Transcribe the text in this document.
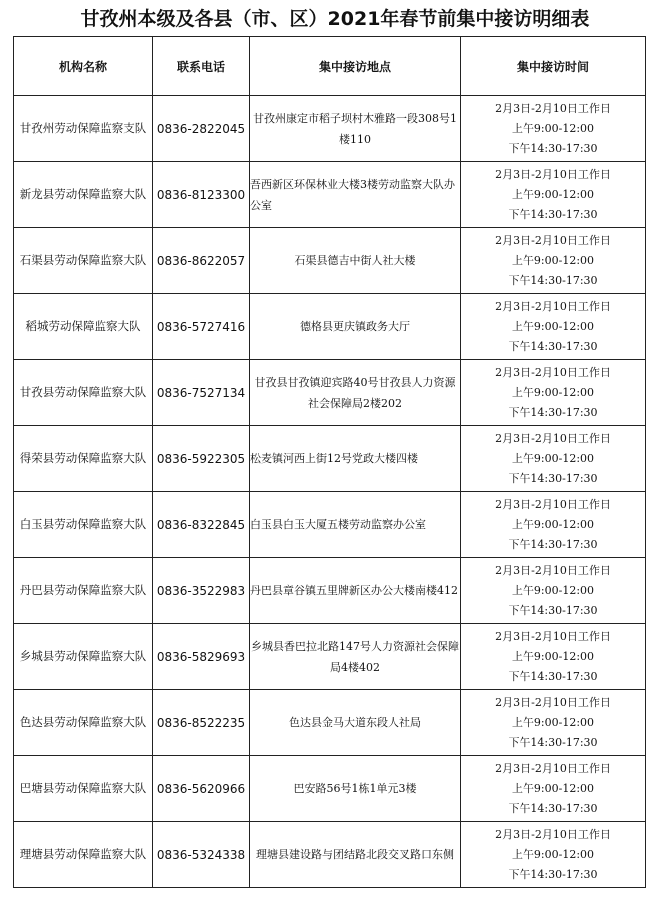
甘孜州本级及各县（市、区）2021年春节前集中接访明细表
机构名称	联系电话	集中接访地点	集中接访时间
甘孜州劳动保障监察支队	0836-2822045	甘孜州康定市稻子坝村木雅路一段308号1楼110	2月3日-2月10日工作日
上午9:00-12:00
下午14:30-17:30

新龙县劳动保障监察大队	0836-8123300	吾西新区环保林业大楼3楼劳动监察大队办公室	2月3日-2月10日工作日
上午9:00-12:00
下午14:30-17:30

石渠县劳动保障监察大队	0836-8622057	石渠县德吉中街人社大楼	2月3日-2月10日工作日
上午9:00-12:00
下午14:30-17:30

稻城劳动保障监察大队	0836-5727416	德格县更庆镇政务大厅	2月3日-2月10日工作日
上午9:00-12:00
下午14:30-17:30

甘孜县劳动保障监察大队	0836-7527134	甘孜县甘孜镇迎宾路40号甘孜县人力资源社会保障局2楼202	2月3日-2月10日工作日
上午9:00-12:00
下午14:30-17:30

得荣县劳动保障监察大队	0836-5922305	松麦镇河西上街12号党政大楼四楼	2月3日-2月10日工作日
上午9:00-12:00
下午14:30-17:30

白玉县劳动保障监察大队	0836-8322845	白玉县白玉大厦五楼劳动监察办公室	2月3日-2月10日工作日
上午9:00-12:00
下午14:30-17:30

丹巴县劳动保障监察大队	0836-3522983	丹巴县章谷镇五里牌新区办公大楼南楼412	2月3日-2月10日工作日
上午9:00-12:00
下午14:30-17:30

乡城县劳动保障监察大队	0836-5829693	乡城县香巴拉北路147号人力资源社会保障局4楼402	2月3日-2月10日工作日
上午9:00-12:00
下午14:30-17:30

色达县劳动保障监察大队	0836-8522235	色达县金马大道东段人社局	2月3日-2月10日工作日
上午9:00-12:00
下午14:30-17:30

巴塘县劳动保障监察大队	0836-5620966	巴安路56号1栋1单元3楼	2月3日-2月10日工作日
上午9:00-12:00
下午14:30-17:30

理塘县劳动保障监察大队	0836-5324338	理塘县建设路与团结路北段交叉路口东侧	2月3日-2月10日工作日
上午9:00-12:00
下午14:30-17:30
